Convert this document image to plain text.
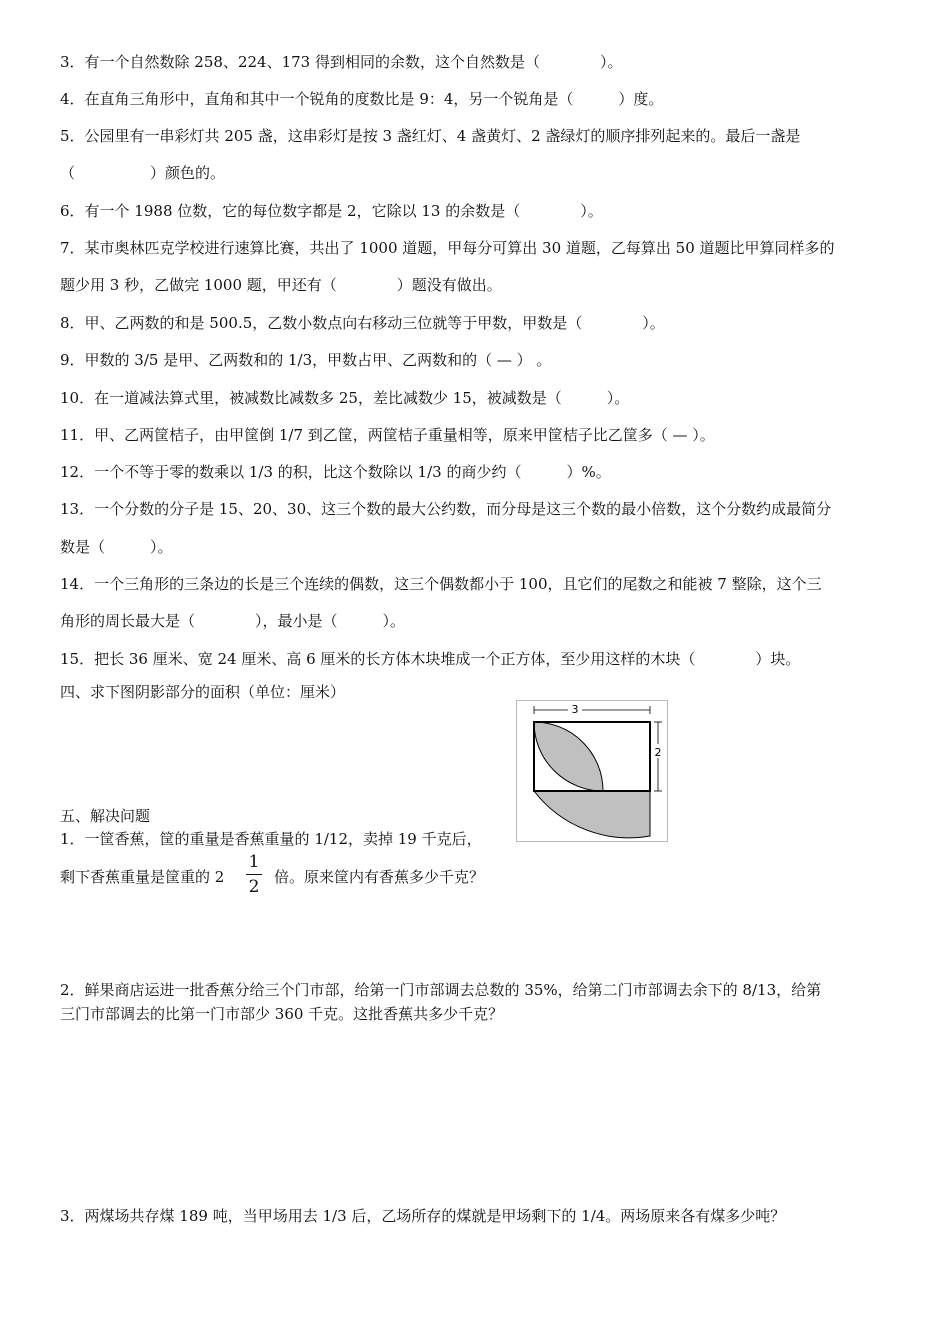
3．有一个自然数除 258、224、173 得到相同的余数，这个自然数是（　　　　）。
4．在直角三角形中，直角和其中一个锐角的度数比是 9：4，另一个锐角是（　　　）度。
5．公园里有一串彩灯共 205 盏，这串彩灯是按 3 盏红灯、4 盏黄灯、2 盏绿灯的顺序排列起来的。最后一盏是
（　　　　　）颜色的。
6．有一个 1988 位数，它的每位数字都是 2，它除以 13 的余数是（　　　　）。
7．某市奥林匹克学校进行速算比赛，共出了 1000 道题，甲每分可算出 30 道题，乙每算出 50 道题比甲算同样多的
题少用 3 秒，乙做完 1000 题，甲还有（　　　　）题没有做出。
8．甲、乙两数的和是 500.5，乙数小数点向右移动三位就等于甲数，甲数是（　　　　）。
9．甲数的 3/5 是甲、乙两数和的 1/3，甲数占甲、乙两数和的（ — ） 。
10．在一道减法算式里，被减数比减数多 25，差比减数少 15，被减数是（　　　）。
11．甲、乙两筐桔子，由甲筐倒 1/7 到乙筐，两筐桔子重量相等，原来甲筐桔子比乙筐多（ — ）。
12．一个不等于零的数乘以 1/3 的积，比这个数除以 1/3 的商少约（　　　）%。
13．一个分数的分子是 15、20、30、这三个数的最大公约数，而分母是这三个数的最小倍数，这个分数约成最简分
数是（　　　）。
14．一个三角形的三条边的长是三个连续的偶数，这三个偶数都小于 100，且它们的尾数之和能被 7 整除，这个三
角形的周长最大是（　　　　），最小是（　　　）。
15．把长 36 厘米、宽 24 厘米、高 6 厘米的长方体木块堆成一个正方体，至少用这样的木块（　　　　）块。
四、求下图阴影部分的面积（单位：厘米）
3
2
五、解决问题
1．一筐香蕉，筐的重量是香蕉重量的 1/12，卖掉 19 千克后，
剩下香蕉重量是筐重的 2
1
2 倍。原来筐内有香蕉多少千克？
2．鲜果商店运进一批香蕉分给三个门市部，给第一门市部调去总数的 35%，给第二门市部调去余下的 8/13，给第
三门市部调去的比第一门市部少 360 千克。这批香蕉共多少千克？
3．两煤场共存煤 189 吨，当甲场用去 1/3 后，乙场所存的煤就是甲场剩下的 1/4。两场原来各有煤多少吨？
